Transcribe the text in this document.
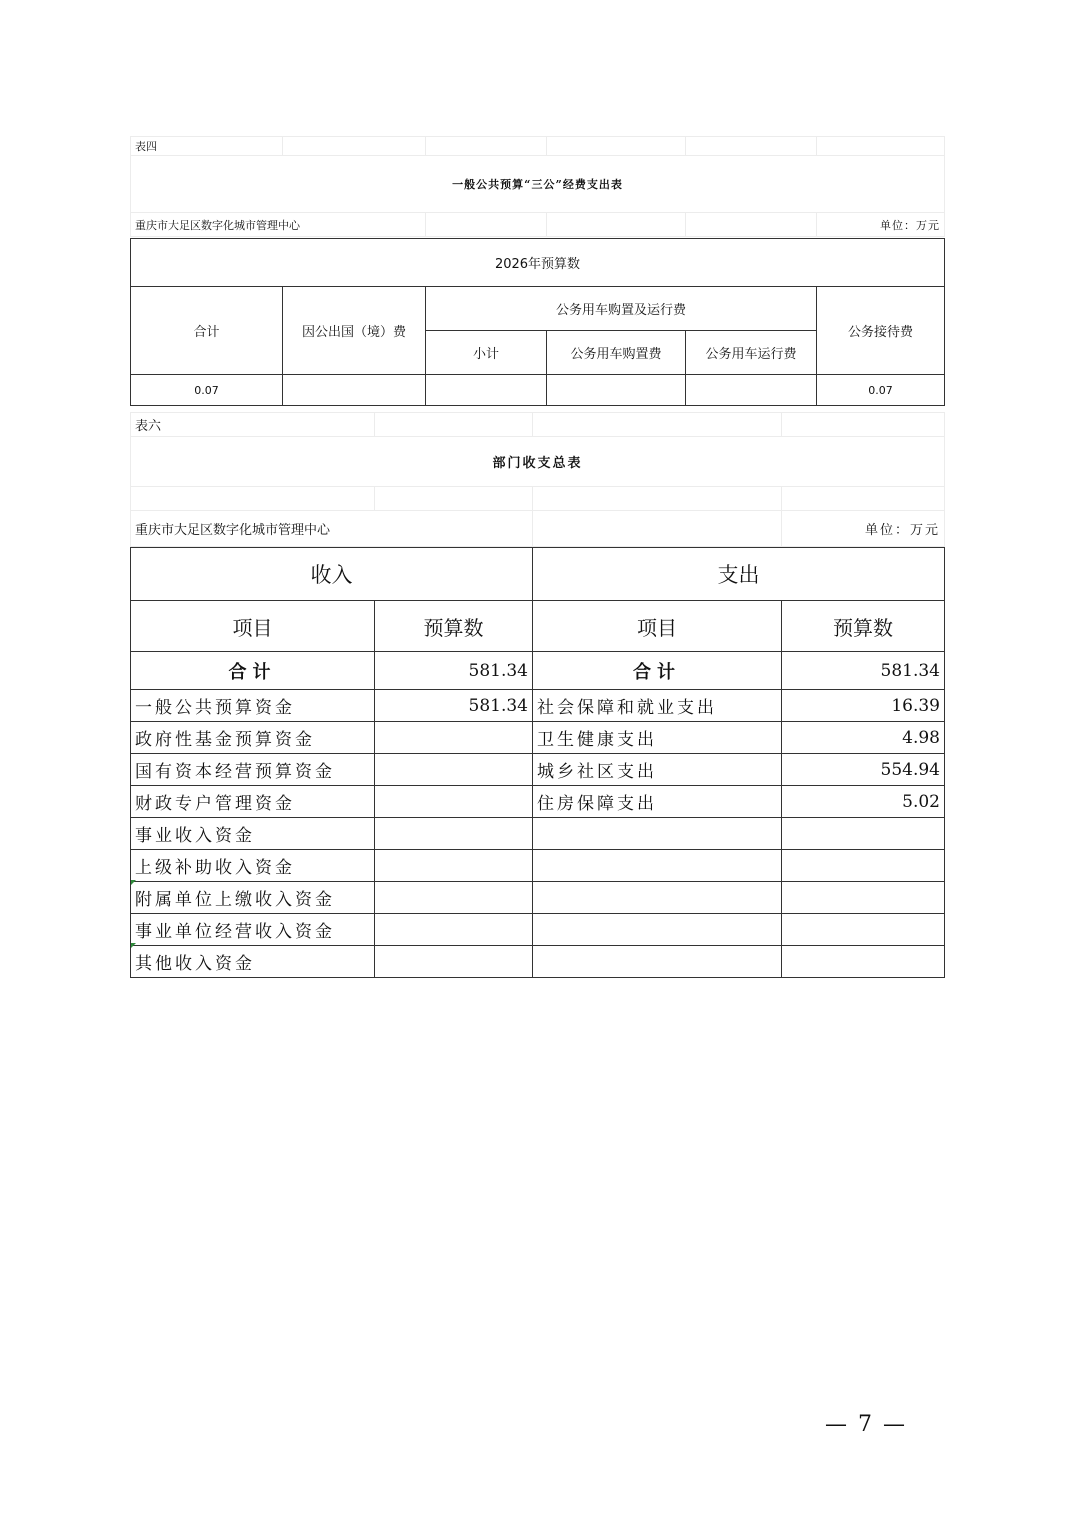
表四					
一般公共预算“三公”经费支出表					
重庆市大足区数字化城市管理中心					单位：万元
2026年预算数					
合计	因公出国（境）费	公务用车购置及运行费			公务接待费
		小计	公务用车购置费	公务用车运行费	
0.07					0.07
表六			
部门收支总表			

重庆市大足区数字化城市管理中心			单位：万元
收入		支出	
项目	预算数	项目	预算数
合计	581.34	合计	581.34
一般公共预算资金	581.34	社会保障和就业支出	16.39
政府性基金预算资金		卫生健康支出	4.98
国有资本经营预算资金		城乡社区支出	554.94
财政专户管理资金		住房保障支出	5.02
事业收入资金			
上级补助收入资金			
附属单位上缴收入资金			
事业单位经营收入资金			
其他收入资金			
— 7 —
